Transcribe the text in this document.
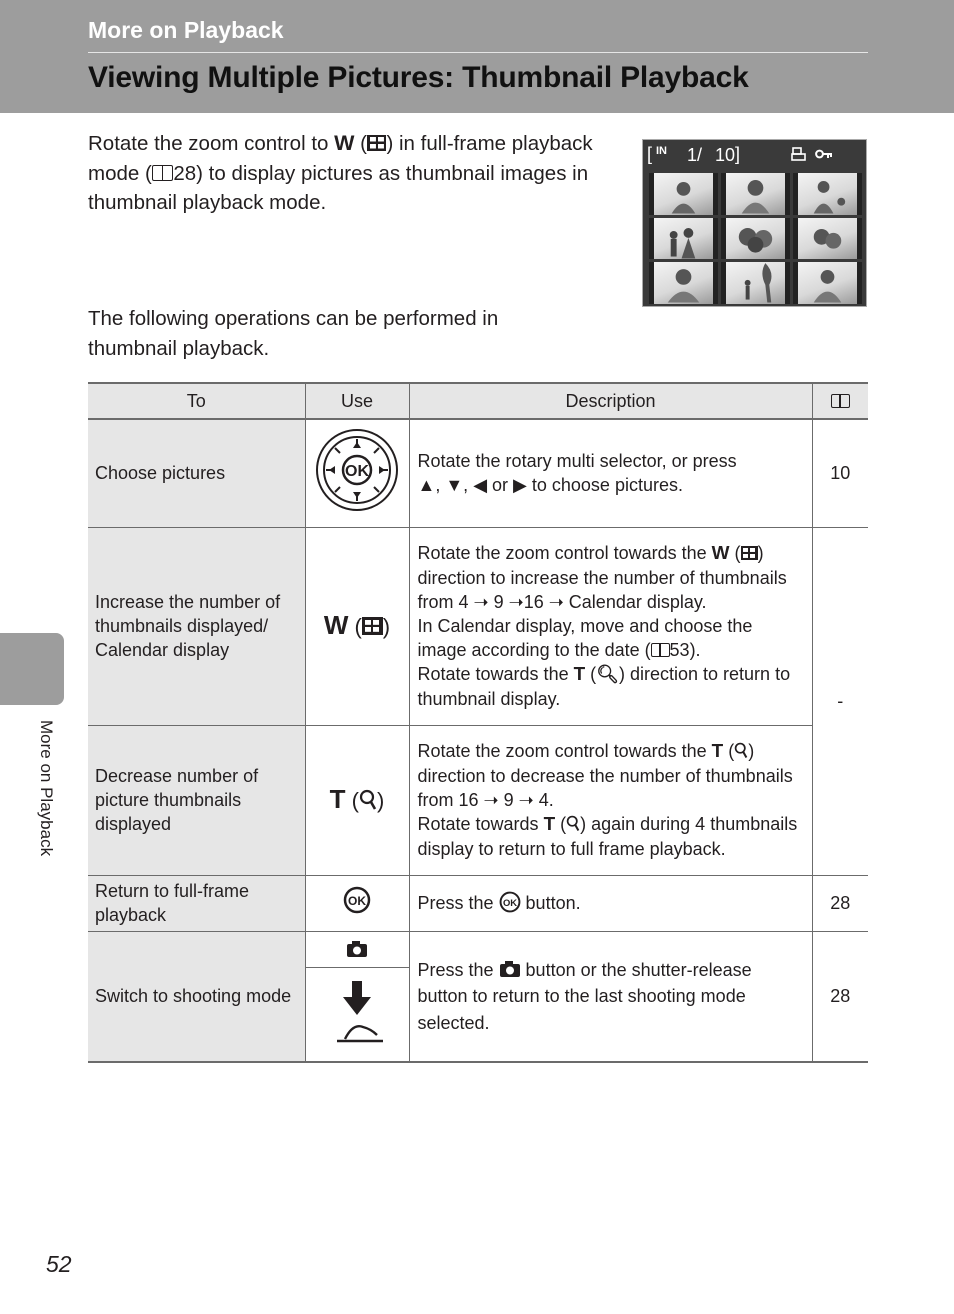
More on Playback
Viewing Multiple Pictures: Thumbnail Playback
Rotate the zoom control to W ( ) in full-frame playback mode ( 28) to display pictures as thumbnail images in thumbnail playback mode.
[ IN 1/ 10 ]
The following operations can be performed in thumbnail playback.
To	Use	Description	
Choose pictures	OK	Rotate the rotary multi selector, or press
▲, ▼, ◀ or ▶ to choose pictures.	10
Increase the number of thumbnails displayed/ Calendar display	W ( )	Rotate the zoom control towards the W ( ) direction to increase the number of thumbnails from 4 ➝ 9 ➝16 ➝ Calendar display.
In Calendar display, move and choose the image according to the date ( 53).
Rotate towards the T (🔍︎) direction to return to thumbnail display.	-
Decrease number of picture thumbnails displayed	T ( )	Rotate the zoom control towards the T ( ) direction to decrease the number of thumbnails from 16 ➝ 9 ➝ 4.
Rotate towards T ( ) again during 4 thumbnails display to return to full frame playback.	
Return to full-frame playback	OK	Press the OK button.	28
Switch to shooting mode		Press the  button or the shutter-release button to return to the last shooting mode selected.	28
More on Playback
52
